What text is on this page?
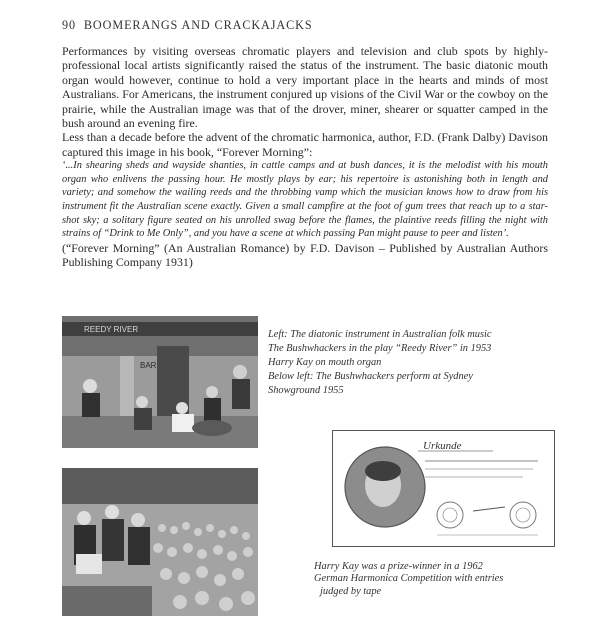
90 BOOMERANGS AND CRACKAJACKS

Performances by visiting overseas chromatic players and television and club spots by highly-professional local artists significantly raised the status of the instrument. The basic diatonic mouth organ would however, continue to hold a very important place in the hearts and minds of most Australians. For Americans, the instrument conjured up visions of the Civil War or the cowboy on the prairie, while the Australian image was that of the drover, miner, shearer or squatter camped in the bush around an evening fire.

Less than a decade before the advent of the chromatic harmonica, author, F.D. (Frank Dalby) Davison captured this image in his book, “Forever Morning”:

‘...In shearing sheds and wayside shanties, in cattle camps and at bush dances, it is the melodist with his mouth organ who enlivens the passing hour. He mostly plays by ear; his repertoire is astonishing both in length and variety; and somehow the wailing reeds and the throbbing vamp which the musician knows how to draw from his instrument fit the Australian scene exactly. Given a small campfire at the foot of gum trees that reach up to a star-shot sky; a solitary figure seated on his unrolled swag before the flames, the plaintive reeds filling the night with strains of “Drink to Me Only”, and you have a scene at which passing Pan might pause to peer and listen’.

(“Forever Morning” (An Australian Romance) by F.D. Davison – Published by Australian Authors Publishing Company 1931)

REEDY RIVER
BAR
Left: The diatonic instrument in Australian folk music
The Bushwhackers in the play “Reedy River” in 1953
Harry Kay on mouth organ
Below left: The Bushwhackers perform at Sydney
Showground 1955
Urkunde
Harry Kay was a prize-winner in a 1962
German Harmonica Competition with entries
judged by tape
